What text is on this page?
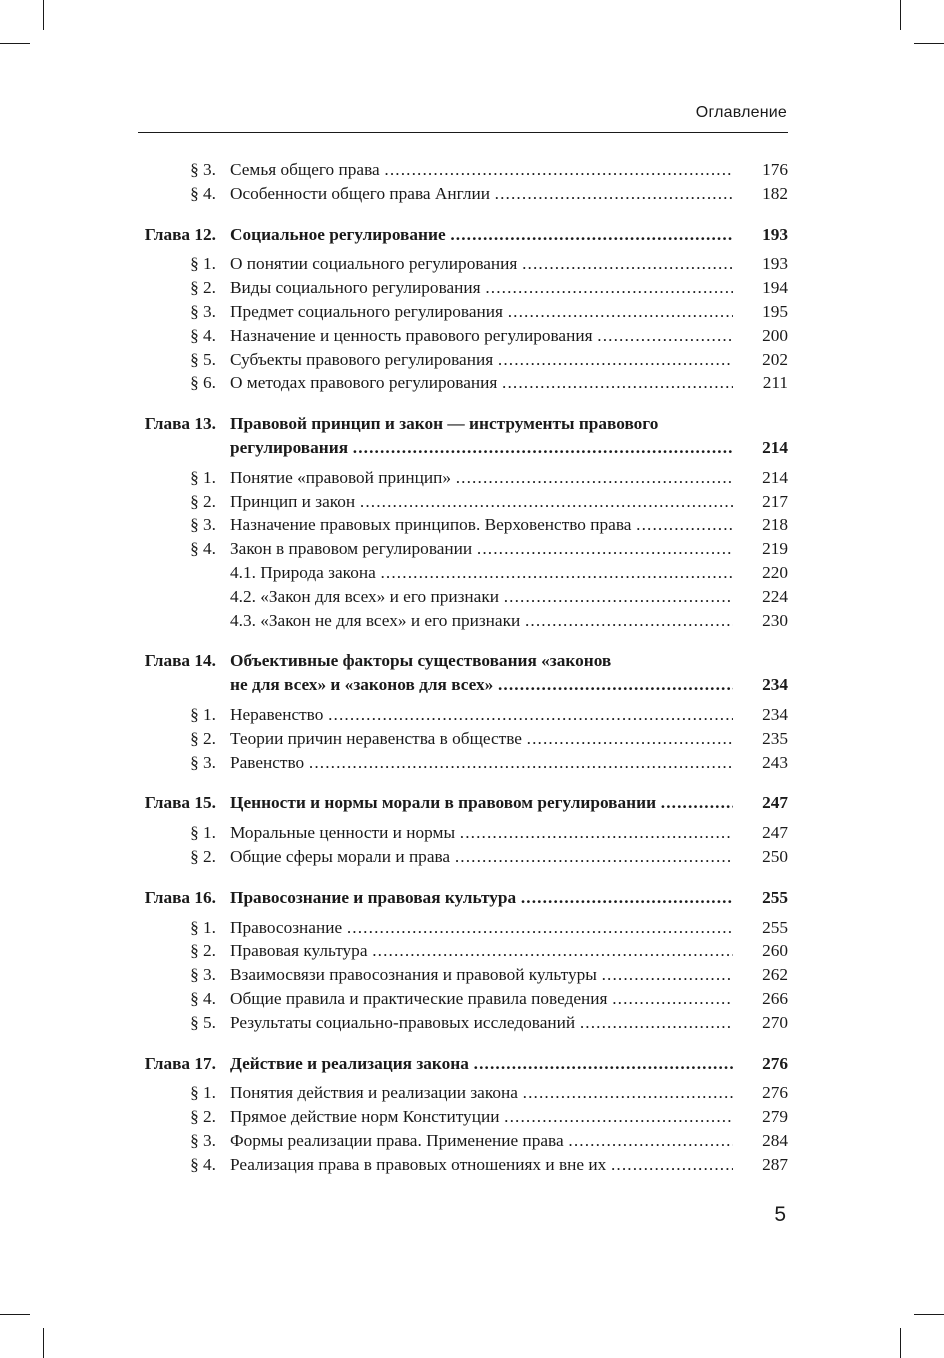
Оглавление
§ 3. Семья общего права . . .	176
§ 4. Особенности общего права Англии . . .	182
Глава 12. Социальное регулирование . . .	193
§ 1. О понятии социального регулирования . . .	193
§ 2. Виды социального регулирования . . .	194
§ 3. Предмет социального регулирования . . .	195
§ 4. Назначение и ценность правового регулирования . . .	200
§ 5. Субъекты правового регулирования . . .	202
§ 6. О методах правового регулирования . . .	211
Глава 13. Правовой принцип и закон — инструменты правового
регулирования . . .	214
§ 1. Понятие «правовой принцип» . . .	214
§ 2. Принцип и закон . . .	217
§ 3. Назначение правовых принципов. Верховенство права . . .	218
§ 4. Закон в правовом регулировании . . .	219
4.1. Природа закона . . .	220
4.2. «Закон для всех» и его признаки . . .	224
4.3. «Закон не для всех» и его признаки . . .	230
Глава 14. Объективные факторы существования «законов
не для всех» и «законов для всех» . . .	234
§ 1. Неравенство . . .	234
§ 2. Теории причин неравенства в обществе . . .	235
§ 3. Равенство . . .	243
Глава 15. Ценности и нормы морали в правовом регулировании . . .	247
§ 1. Моральные ценности и нормы . . .	247
§ 2. Общие сферы морали и права . . .	250
Глава 16. Правосознание и правовая культура . . .	255
§ 1. Правосознание . . .	255
§ 2. Правовая культура . . .	260
§ 3. Взаимосвязи правосознания и правовой культуры . . .	262
§ 4. Общие правила и практические правила поведения . . .	266
§ 5. Результаты социально-правовых исследований . . .	270
Глава 17. Действие и реализация закона . . .	276
§ 1. Понятия действия и реализации закона . . .	276
§ 2. Прямое действие норм Конституции . . .	279
§ 3. Формы реализации права. Применение права . . .	284
§ 4. Реализация права в правовых отношениях и вне их . . .	287
5
